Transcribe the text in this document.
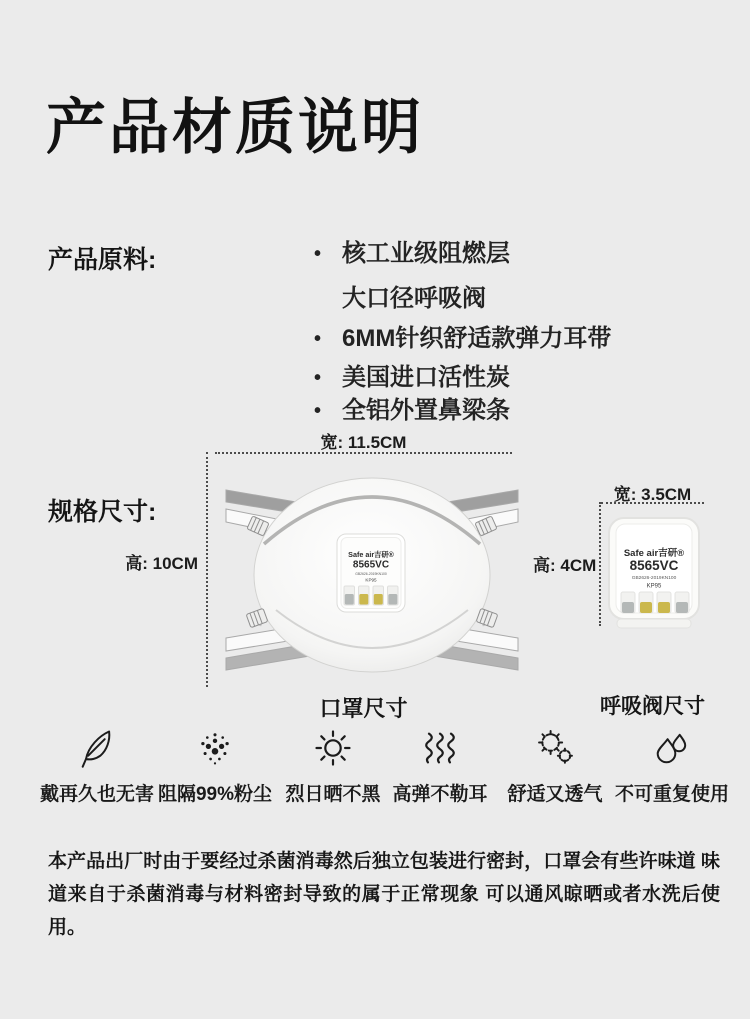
产品材质说明
产品原料:	• 核工业级阻燃层
大口径呼吸阀
• 6MM针织舒适款弹力耳带
• 美国进口活性炭
• 全铝外置鼻梁条
规格尺寸:
宽: 11.5CM
高: 10CM	Safe air吉研®
8565VC
GB2626-2019KN100
KP95
宽: 3.5CM
高: 4CM
Safe air吉研®
8565VC
GB2626-2019KN100
KP95
口罩尺寸	呼吸阀尺寸
戴再久也无害 阻隔99%粉尘 烈日晒不黑 高弹不勒耳	舒适又透气 不可重复使用
本产品出厂时由于要经过杀菌消毒然后独立包装进行密封，口罩会有些许味道 味道来自于杀菌消毒与材料密封导致的属于正常现象 可以通风晾晒或者水洗后使用。
